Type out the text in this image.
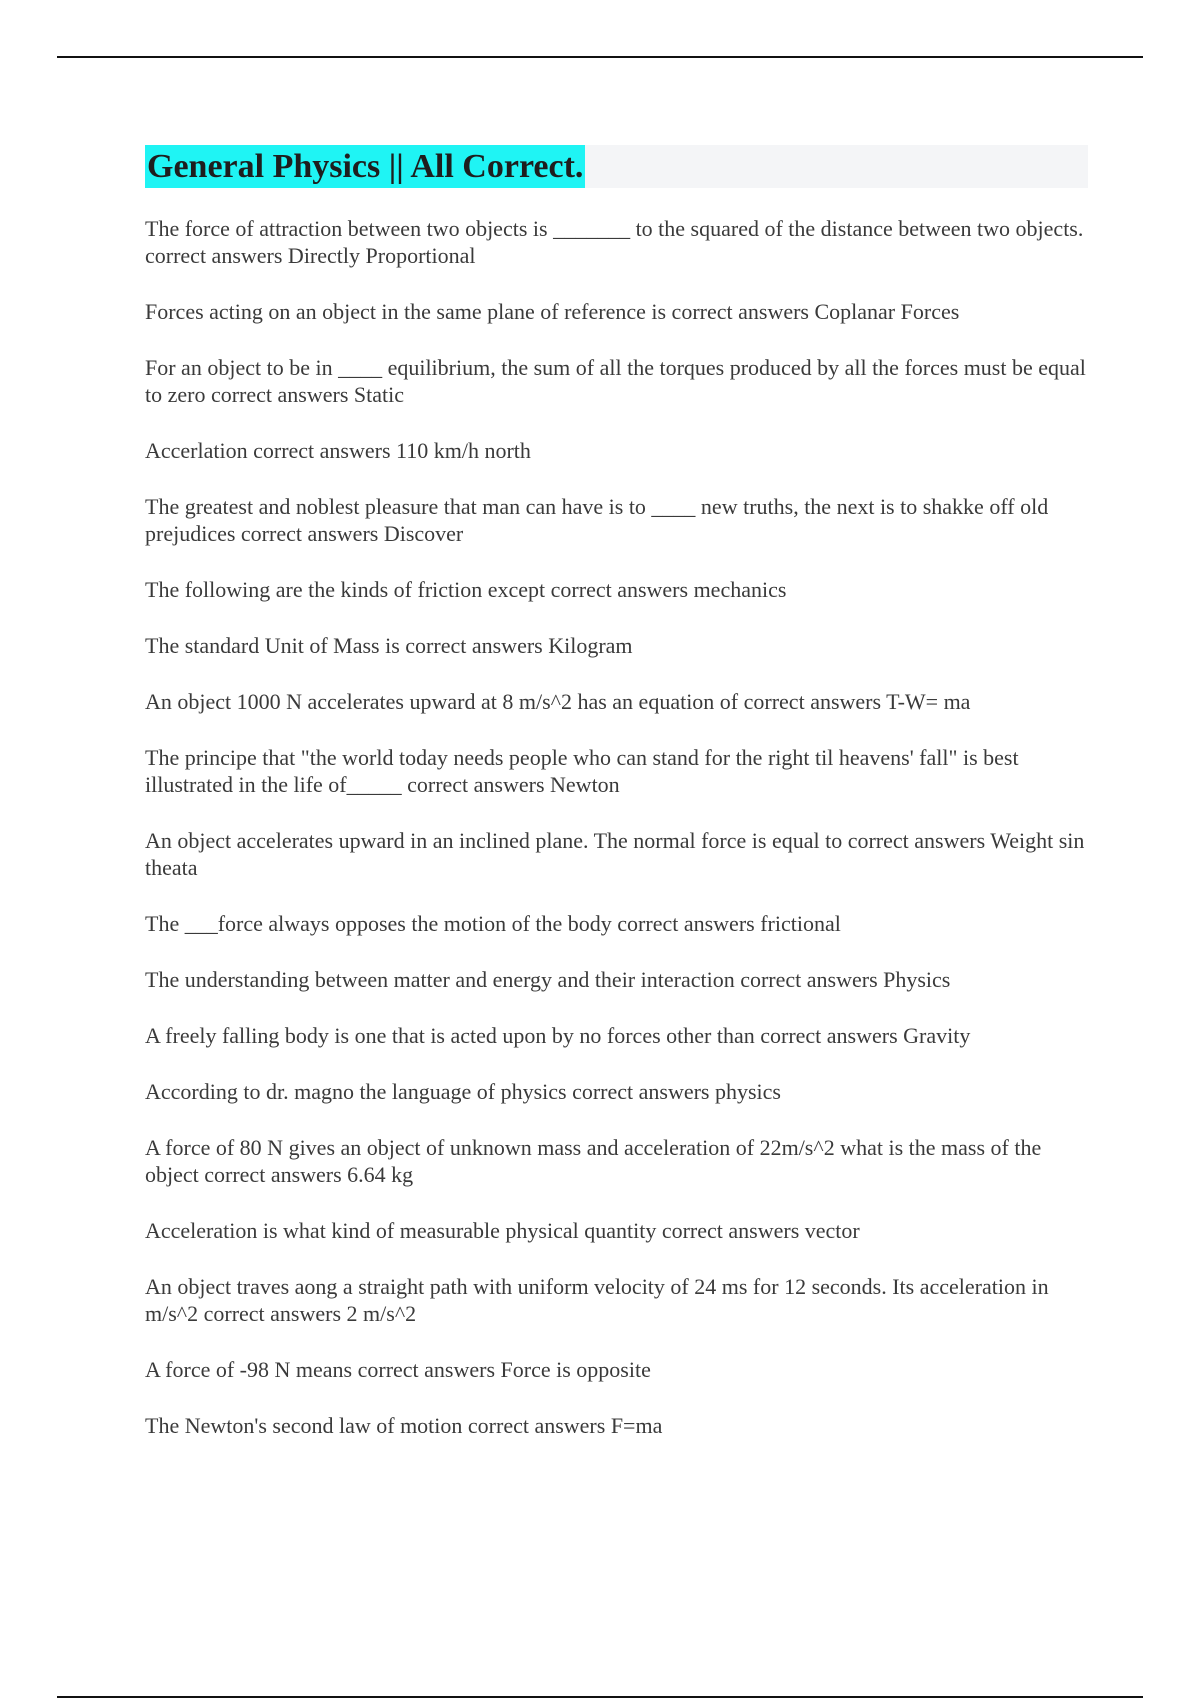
General Physics || All Correct.
The force of attraction between two objects is _______ to the squared of the distance between two objects. correct answers Directly Proportional
Forces acting on an object in the same plane of reference is correct answers Coplanar Forces
For an object to be in ____ equilibrium, the sum of all the torques produced by all the forces must be equal to zero correct answers Static
Accerlation correct answers 110 km/h north
The greatest and noblest pleasure that man can have is to ____ new truths, the next is to shakke off old prejudices correct answers Discover
The following are the kinds of friction except correct answers mechanics
The standard Unit of Mass is correct answers Kilogram
An object 1000 N accelerates upward at 8 m/s^2 has an equation of correct answers T-W= ma
The principe that "the world today needs people who can stand for the right til heavens' fall" is best illustrated in the life of_____ correct answers Newton
An object accelerates upward in an inclined plane. The normal force is equal to correct answers Weight sin theata
The ___force always opposes the motion of the body correct answers frictional
The understanding between matter and energy and their interaction correct answers Physics
A freely falling body is one that is acted upon by no forces other than correct answers Gravity
According to dr. magno the language of physics correct answers physics
A force of 80 N gives an object of unknown mass and acceleration of 22m/s^2 what is the mass of the object correct answers 6.64 kg
Acceleration is what kind of measurable physical quantity correct answers vector
An object traves aong a straight path with uniform velocity of 24 ms for 12 seconds. Its acceleration in m/s^2 correct answers 2 m/s^2
A force of -98 N means correct answers Force is opposite
The Newton's second law of motion correct answers F=ma
